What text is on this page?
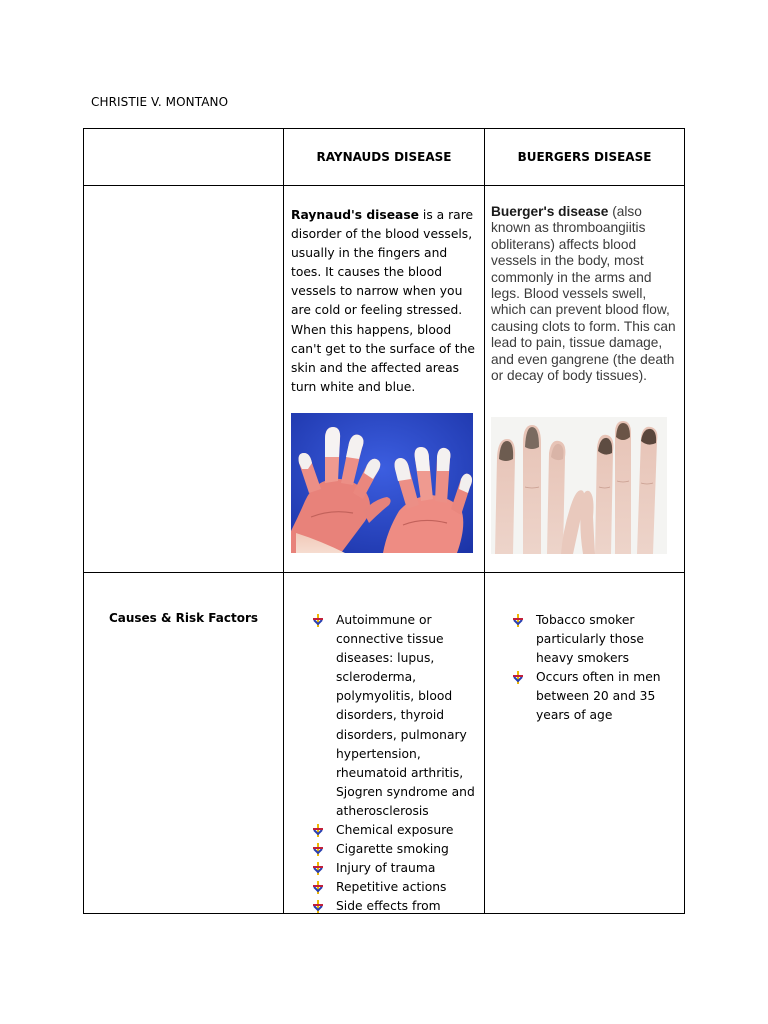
CHRISTIE V. MONTANO
RAYNAUDS DISEASE	BUERGERS DISEASE
Raynaud's disease is a rare disorder of the blood vessels, usually in the fingers and toes. It causes the blood vessels to narrow when you are cold or feeling stressed. When this happens, blood can't get to the surface of the skin and the affected areas turn white and blue.
Buerger's disease (also known as thromboangiitis obliterans) affects blood vessels in the body, most commonly in the arms and legs. Blood vessels swell, which can prevent blood flow, causing clots to form. This can lead to pain, tissue damage, and even gangrene (the death or decay of body tissues).
Causes & Risk Factors	Autoimmune or connective tissue diseases: lupus, scleroderma, polymyolitis, blood disorders, thyroid disorders, pulmonary hypertension, rheumatoid arthritis, Sjogren syndrome and atherosclerosis
Chemical exposure
Cigarette smoking
Injury of trauma
Repetitive actions
Side effects from
Tobacco smoker particularly those heavy smokers
Occurs often in men between 20 and 35 years of age
